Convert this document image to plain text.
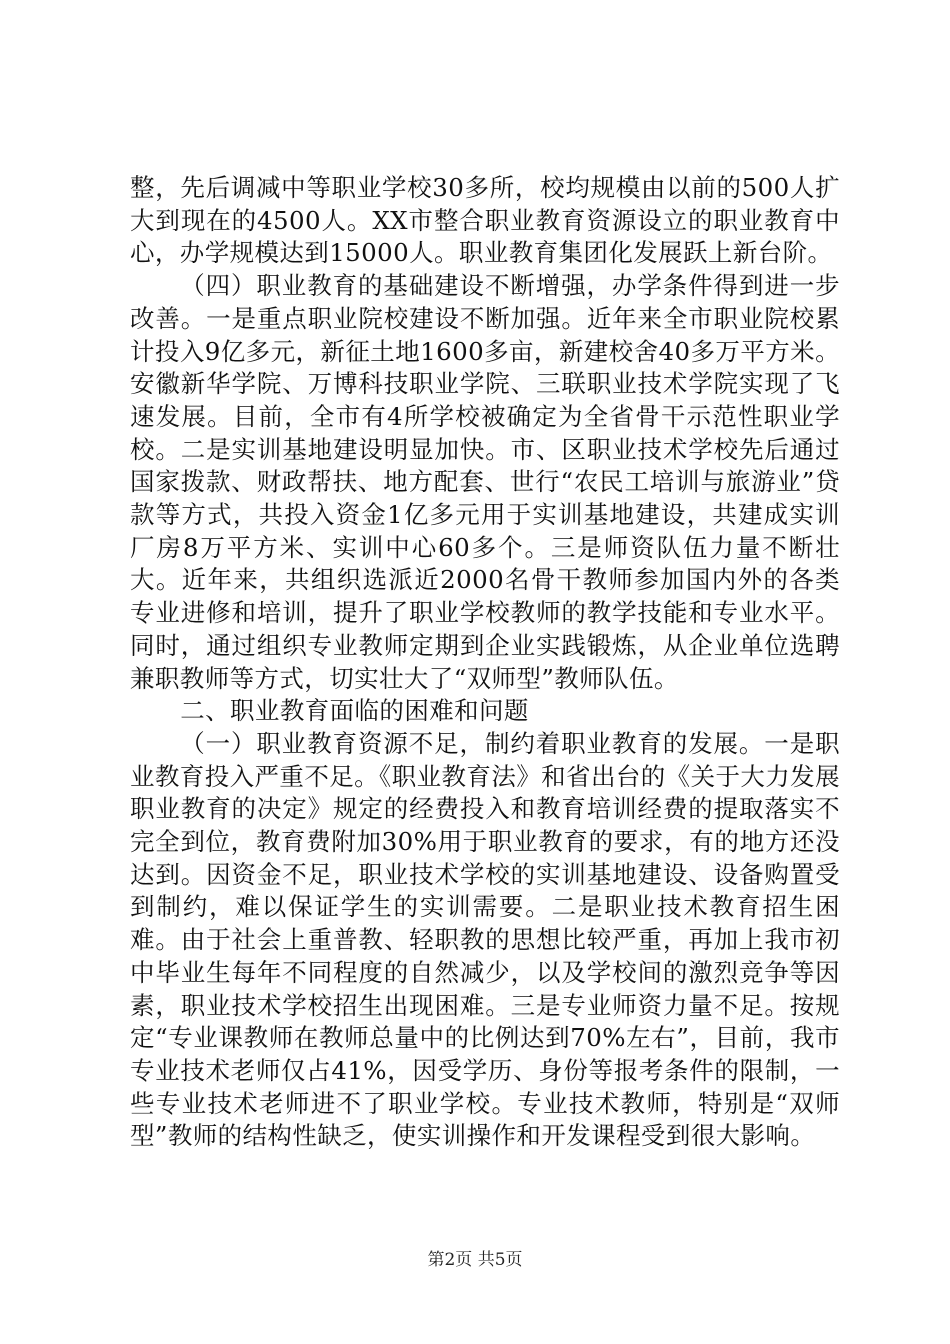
整，先后调减中等职业学校30多所，校均规模由以前的500人扩大到现在的4500人。XX市整合职业教育资源设立的职业教育中心，办学规模达到15000人。职业教育集团化发展跃上新台阶。

（四）职业教育的基础建设不断增强，办学条件得到进一步改善。一是重点职业院校建设不断加强。近年来全市职业院校累计投入9亿多元，新征土地1600多亩，新建校舍40多万平方米。安徽新华学院、万博科技职业学院、三联职业技术学院实现了飞速发展。目前，全市有4所学校被确定为全省骨干示范性职业学校。二是实训基地建设明显加快。市、区职业技术学校先后通过国家拨款、财政帮扶、地方配套、世行“农民工培训与旅游业”贷款等方式，共投入资金1亿多元用于实训基地建设，共建成实训厂房8万平方米、实训中心60多个。三是师资队伍力量不断壮大。近年来，共组织选派近2000名骨干教师参加国内外的各类专业进修和培训，提升了职业学校教师的教学技能和专业水平。同时，通过组织专业教师定期到企业实践锻炼，从企业单位选聘兼职教师等方式，切实壮大了“双师型”教师队伍。

二、职业教育面临的困难和问题

（一）职业教育资源不足，制约着职业教育的发展。一是职业教育投入严重不足。《职业教育法》和省出台的《关于大力发展职业教育的决定》规定的经费投入和教育培训经费的提取落实不完全到位，教育费附加30%用于职业教育的要求，有的地方还没达到。因资金不足，职业技术学校的实训基地建设、设备购置受到制约，难以保证学生的实训需要。二是职业技术教育招生困难。由于社会上重普教、轻职教的思想比较严重，再加上我市初中毕业生每年不同程度的自然减少，以及学校间的激烈竞争等因素，职业技术学校招生出现困难。三是专业师资力量不足。按规定“专业课教师在教师总量中的比例达到70%左右”，目前，我市专业技术老师仅占41%，因受学历、身份等报考条件的限制，一些专业技术老师进不了职业学校。专业技术教师，特别是“双师型”教师的结构性缺乏，使实训操作和开发课程受到很大影响。

第2页 共5页
